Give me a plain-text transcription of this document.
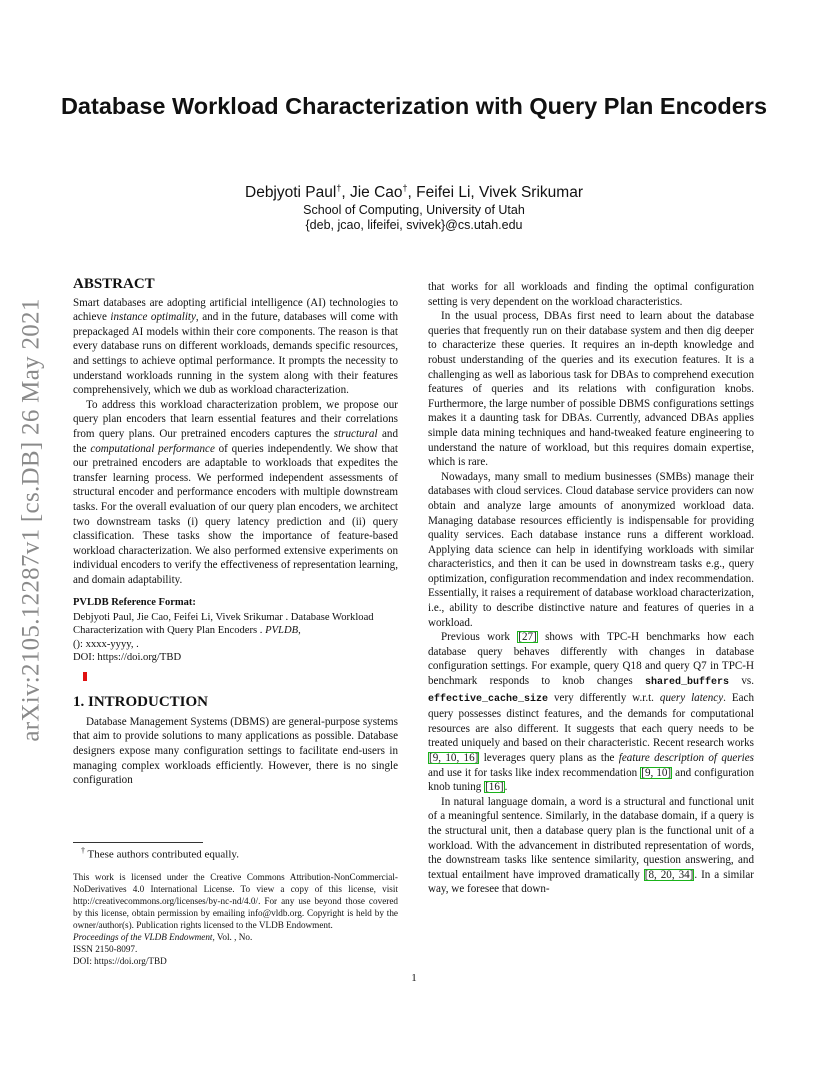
arXiv:2105.12287v1 [cs.DB] 26 May 2021
Database Workload Characterization with Query Plan Encoders
Debjyoti Paul†, Jie Cao†, Feifei Li, Vivek Srikumar
School of Computing, University of Utah
{deb, jcao, lifeifei, svivek}@cs.utah.edu
ABSTRACT

Smart databases are adopting artificial intelligence (AI) technologies to achieve instance optimality, and in the future, databases will come with prepackaged AI models within their core components. The reason is that every database runs on different workloads, demands specific resources, and settings to achieve optimal performance. It prompts the necessity to understand workloads running in the system along with their features comprehensively, which we dub as workload characterization.

To address this workload characterization problem, we propose our query plan encoders that learn essential features and their correlations from query plans. Our pretrained encoders captures the structural and the computational performance of queries independently. We show that our pretrained encoders are adaptable to workloads that expedites the transfer learning process. We performed independent assessments of structural encoder and performance encoders with multiple downstream tasks. For the overall evaluation of our query plan encoders, we architect two downstream tasks (i) query latency prediction and (ii) query classification. These tasks show the importance of feature-based workload characterization. We also performed extensive experiments on individual encoders to verify the effectiveness of representation learning, and domain adaptability.

PVLDB Reference Format:

Debjyoti Paul, Jie Cao, Feifei Li, Vivek Srikumar . Database Workload Characterization with Query Plan Encoders . PVLDB,
(): xxxx-yyyy, .

DOI: https://doi.org/TBD

1. INTRODUCTION

Database Management Systems (DBMS) are general-purpose systems that aim to provide solutions to many applications as possible. Database designers expose many configuration settings to facilitate end-users in managing complex workloads efficiently. However, there is no single configuration

† These authors contributed equally.

This work is licensed under the Creative Commons Attribution-NonCommercial-NoDerivatives 4.0 International License. To view a copy of this license, visit http://creativecommons.org/licenses/by-nc-nd/4.0/. For any use beyond those covered by this license, obtain permission by emailing info@vldb.org. Copyright is held by the owner/author(s). Publication rights licensed to the VLDB Endowment.

Proceedings of the VLDB Endowment, Vol. , No.

ISSN 2150-8097.

DOI: https://doi.org/TBD

that works for all workloads and finding the optimal configuration setting is very dependent on the workload characteristics.

In the usual process, DBAs first need to learn about the database queries that frequently run on their database system and then dig deeper to characterize these queries. It requires an in-depth knowledge and robust understanding of the queries and its execution features. It is a challenging as well as laborious task for DBAs to comprehend execution features of queries and its relations with configuration knobs. Furthermore, the large number of possible DBMS configurations settings makes it a daunting task for DBAs. Currently, advanced DBAs applies simple data mining techniques and hand-tweaked feature engineering to understand the nature of workload, but this requires domain expertise, which is rare.

Nowadays, many small to medium businesses (SMBs) manage their databases with cloud services. Cloud database service providers can now obtain and analyze large amounts of anonymized workload data. Managing database resources efficiently is indispensable for providing quality services. Each database instance runs a different workload. Applying data science can help in identifying workloads with similar characteristics, and then it can be used in downstream tasks e.g., query optimization, configuration recommendation and index recommendation. Essentially, it raises a requirement of database workload characterization, i.e., ability to describe distinctive nature and features of queries in a workload.

Previous work [27] shows with TPC-H benchmarks how each database query behaves differently with changes in database configuration settings. For example, query Q18 and query Q7 in TPC-H benchmark responds to knob changes shared_buffers vs. effective_cache_size very differently w.r.t. query latency. Each query possesses distinct features, and the demands for computational resources are also different. It suggests that each query needs to be treated uniquely and based on their characteristic. Recent research works [9, 10, 16] leverages query plans as the feature description of queries and use it for tasks like index recommendation [9, 10] and configuration knob tuning [16].

In natural language domain, a word is a structural and functional unit of a meaningful sentence. Similarly, in the database domain, if a query is the structural unit, then a database query plan is the functional unit of a workload. With the advancement in distributed representation of words, the downstream tasks like sentence similarity, question answering, and textual entailment have improved dramatically [8, 20, 34]. In a similar way, we foresee that down-

1
